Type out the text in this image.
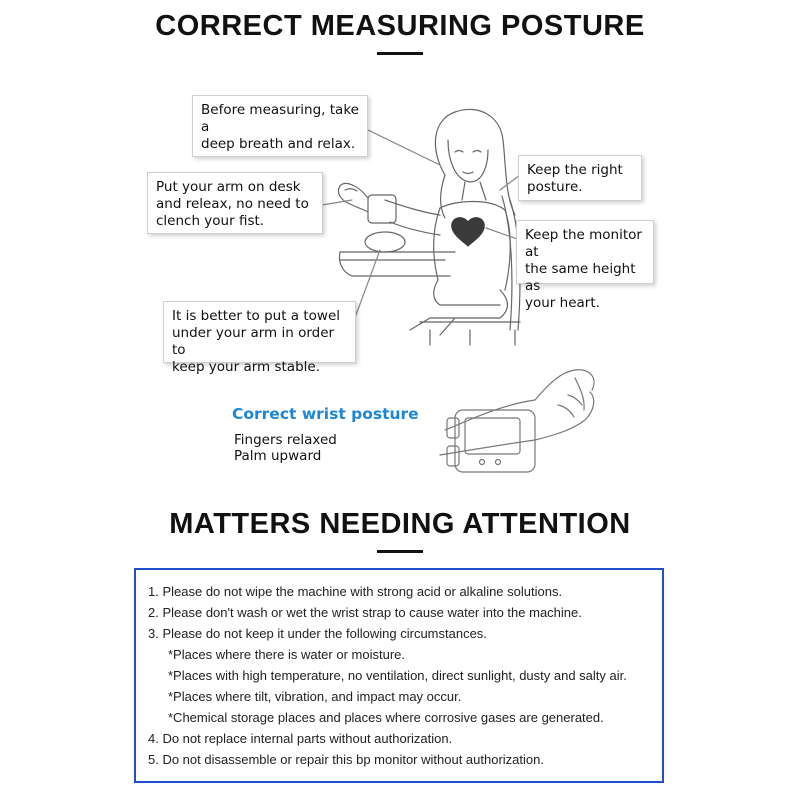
CORRECT MEASURING POSTURE
Before measuring, take a
deep breath and relax.
Put your arm on desk
and releax, no need to
clench your fist.
It is better to put a towel
under your arm in order to
keep your arm stable.
Keep the right
posture.
Keep the monitor at
the same height as
your heart.
Correct wrist posture
Fingers relaxed
Palm upward
MATTERS NEEDING ATTENTION
1. Please do not wipe the machine with strong acid or alkaline solutions.
2. Please don't wash or wet the wrist strap to cause water into the machine.
3. Please do not keep it under the following circumstances.
*Places where there is water or moisture.
*Places with high temperature, no ventilation, direct sunlight, dusty and salty air.
*Places where tilt, vibration, and impact may occur.
*Chemical storage places and places where corrosive gases are generated.
4. Do not replace internal parts without authorization.
5. Do not disassemble or repair this bp monitor without authorization.
